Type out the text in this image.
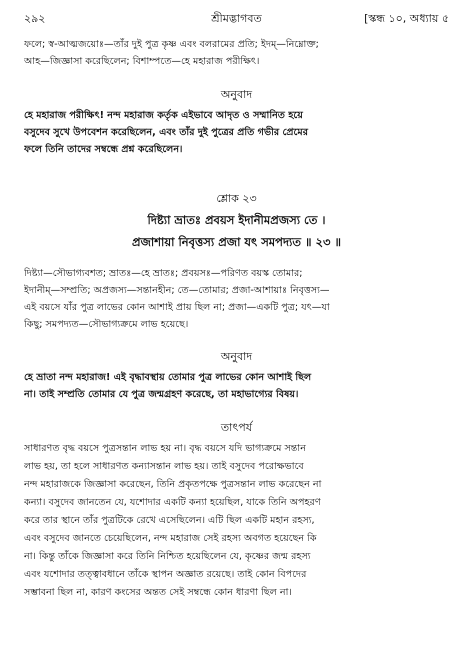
২৯২	শ্রীমদ্ভাগবত	[স্কন্ধ ১০, অধ্যায় ৫
ফলে; স্ব-আত্মজয়োঃ—তাঁর দুই পুত্র কৃষ্ণ এবং বলরামের প্রতি; ইদম্—নিম্নোক্ত;
আহ—জিজ্ঞাসা করেছিলেন; বিশাম্পতে—হে মহারাজ পরীক্ষিৎ।
অনুবাদ
হে মহারাজ পরীক্ষিৎ! নন্দ মহারাজ কর্তৃক এইভাবে আদৃত ও সম্মানিত হয়ে
বসুদেব সুখে উপবেশন করেছিলেন, এবং তাঁর দুই পুত্রের প্রতি গভীর প্রেমের
ফলে তিনি তাদের সম্বন্ধে প্রশ্ন করেছিলেন।
শ্লোক ২৩
দিষ্ট্যা ভ্রাতঃ প্রবয়স ইদানীমপ্রজস্য তে ।
প্রজাশায়া নিবৃত্তস্য প্রজা যৎ সমপদ্যত ॥ ২৩ ॥
দিষ্ট্যা—সৌভাগ্যবশত; ভ্রাতঃ—হে ভ্রাতঃ; প্রবয়সঃ—পরিণত বয়স্ক তোমার;
ইদানীম্—সম্প্রতি; অপ্রজস্য—সন্তানহীন; তে—তোমার; প্রজা-আশায়াঃ নিবৃত্তস্য—
এই বয়সে যাঁর পুত্র লাভের কোন আশাই প্রায় ছিল না; প্রজা—একটি পুত্র; যৎ—যা
কিছু; সমপদ্যত—সৌভাগ্যক্রমে লাভ হয়েছে।
অনুবাদ
হে ভ্রাতা নন্দ মহারাজ! এই বৃদ্ধাবস্থায় তোমার পুত্র লাভের কোন আশাই ছিল
না। তাই সম্প্রতি তোমার যে পুত্র জন্মগ্রহণ করেছে, তা মহাভাগ্যের বিষয়।
তাৎপর্য
সাধারণত বৃদ্ধ বয়সে পুত্রসন্তান লাভ হয় না। বৃদ্ধ বয়সে যদি ভাগ্যক্রমে সন্তান
লাভ হয়, তা হলে সাধারণত কন্যাসন্তান লাভ হয়। তাই বসুদেব পরোক্ষভাবে
নন্দ মহারাজকে জিজ্ঞাসা করেছেন, তিনি প্রকৃতপক্ষে পুত্রসন্তান লাভ করেছেন না
কন্যা। বসুদেব জানতেন যে, যশোদার একটি কন্যা হয়েছিল, যাকে তিনি অপহরণ
করে তার স্থানে তাঁর পুত্রটিকে রেখে এসেছিলেন। এটি ছিল একটি মহান রহস্য,
এবং বসুদেব জানতে চেয়েছিলেন, নন্দ মহারাজ সেই রহস্য অবগত হয়েছেন কি
না। কিন্তু তাঁকে জিজ্ঞাসা করে তিনি নিশ্চিত হয়েছিলেন যে, কৃষ্ণের জন্ম রহস্য
এবং যশোদার তত্ত্বাবধানে তাঁকে স্থাপন অজ্ঞাত রয়েছে। তাই কোন বিপদের
সম্ভাবনা ছিল না, কারণ কংসের অন্তত সেই সম্বন্ধে কোন ধারণা ছিল না।
